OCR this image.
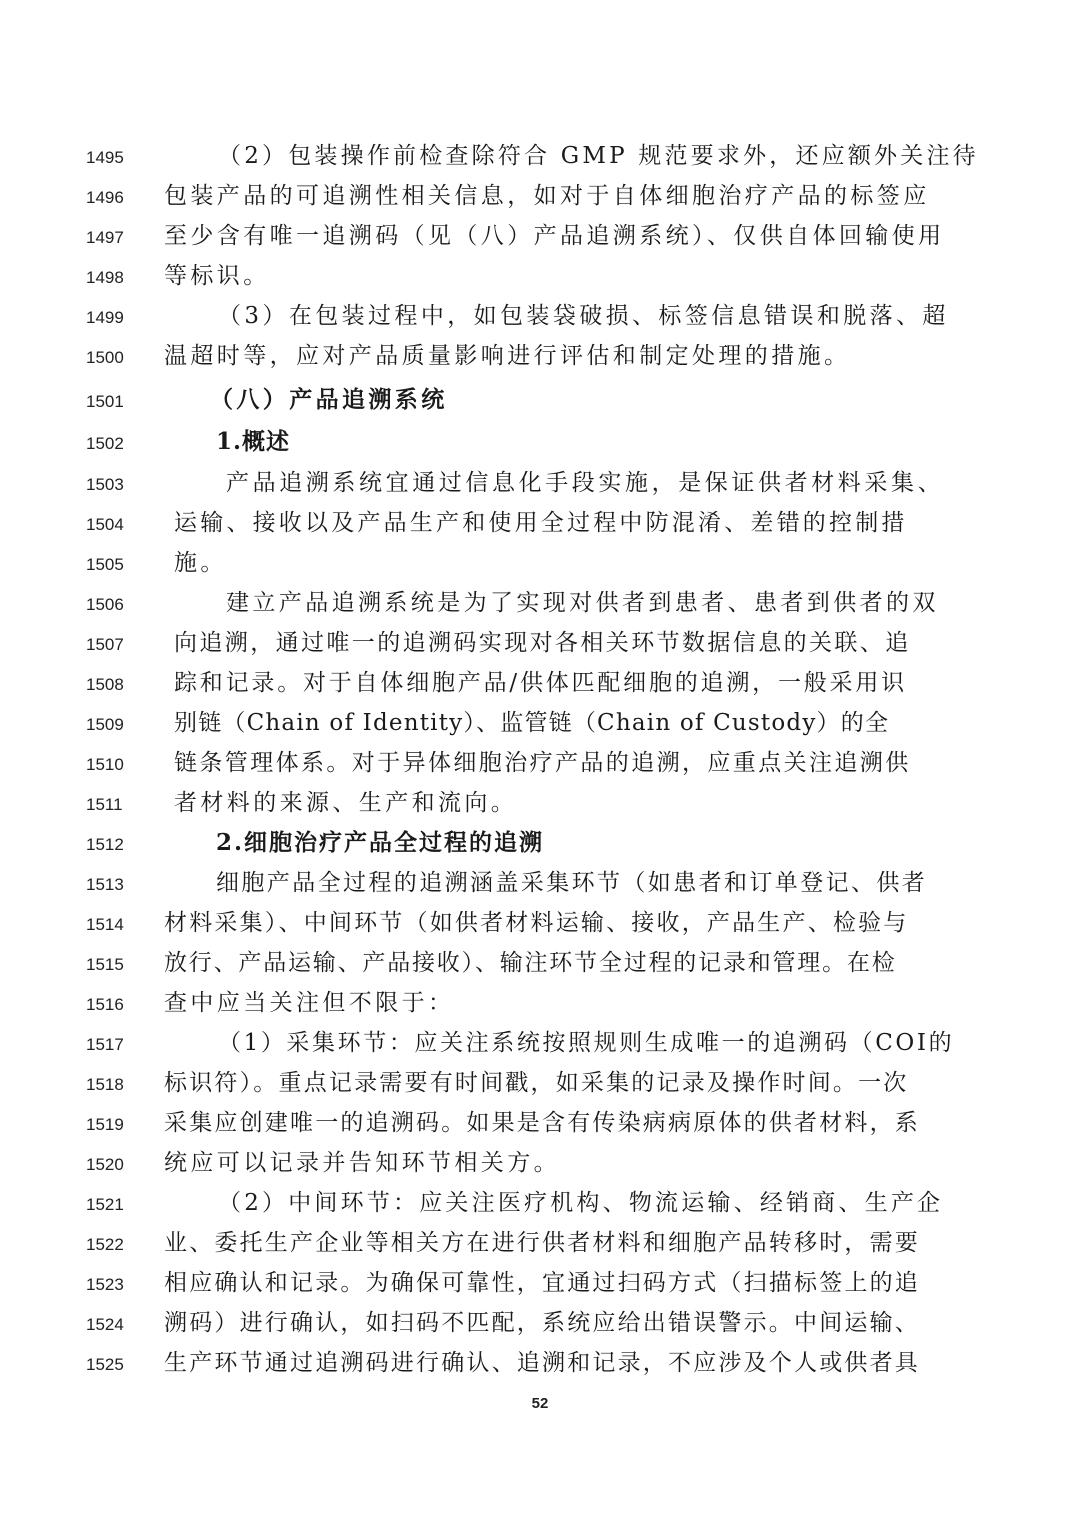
1495	（2）包装操作前检查除符合 GMP 规范要求外，还应额外关注待
1496	包装产品的可追溯性相关信息，如对于自体细胞治疗产品的标签应
1497	至少含有唯一追溯码（见（八）产品追溯系统）、仅供自体回输使用
1498	等标识。
1499	（3）在包装过程中，如包装袋破损、标签信息错误和脱落、超
1500	温超时等，应对产品质量影响进行评估和制定处理的措施。
1501	（八）产品追溯系统
1502	1.概述
1503	产品追溯系统宜通过信息化手段实施，是保证供者材料采集、
1504	运输、接收以及产品生产和使用全过程中防混淆、差错的控制措
1505	施。
1506	建立产品追溯系统是为了实现对供者到患者、患者到供者的双
1507	向追溯，通过唯一的追溯码实现对各相关环节数据信息的关联、追
1508	踪和记录。对于自体细胞产品/供体匹配细胞的追溯，一般采用识
1509	别链（Chain of Identity）、监管链（Chain of Custody）的全
1510	链条管理体系。对于异体细胞治疗产品的追溯，应重点关注追溯供
1511	者材料的来源、生产和流向。
1512	2.细胞治疗产品全过程的追溯
1513	细胞产品全过程的追溯涵盖采集环节（如患者和订单登记、供者
1514	材料采集）、中间环节（如供者材料运输、接收，产品生产、检验与
1515	放行、产品运输、产品接收）、输注环节全过程的记录和管理。在检
1516	查中应当关注但不限于：
1517	（1）采集环节：应关注系统按照规则生成唯一的追溯码（COI的
1518	标识符）。重点记录需要有时间戳，如采集的记录及操作时间。一次
1519	采集应创建唯一的追溯码。如果是含有传染病病原体的供者材料，系
1520	统应可以记录并告知环节相关方。
1521	（2）中间环节：应关注医疗机构、物流运输、经销商、生产企
1522	业、委托生产企业等相关方在进行供者材料和细胞产品转移时，需要
1523	相应确认和记录。为确保可靠性，宜通过扫码方式（扫描标签上的追
1524	溯码）进行确认，如扫码不匹配，系统应给出错误警示。中间运输、
1525	生产环节通过追溯码进行确认、追溯和记录，不应涉及个人或供者具
52
